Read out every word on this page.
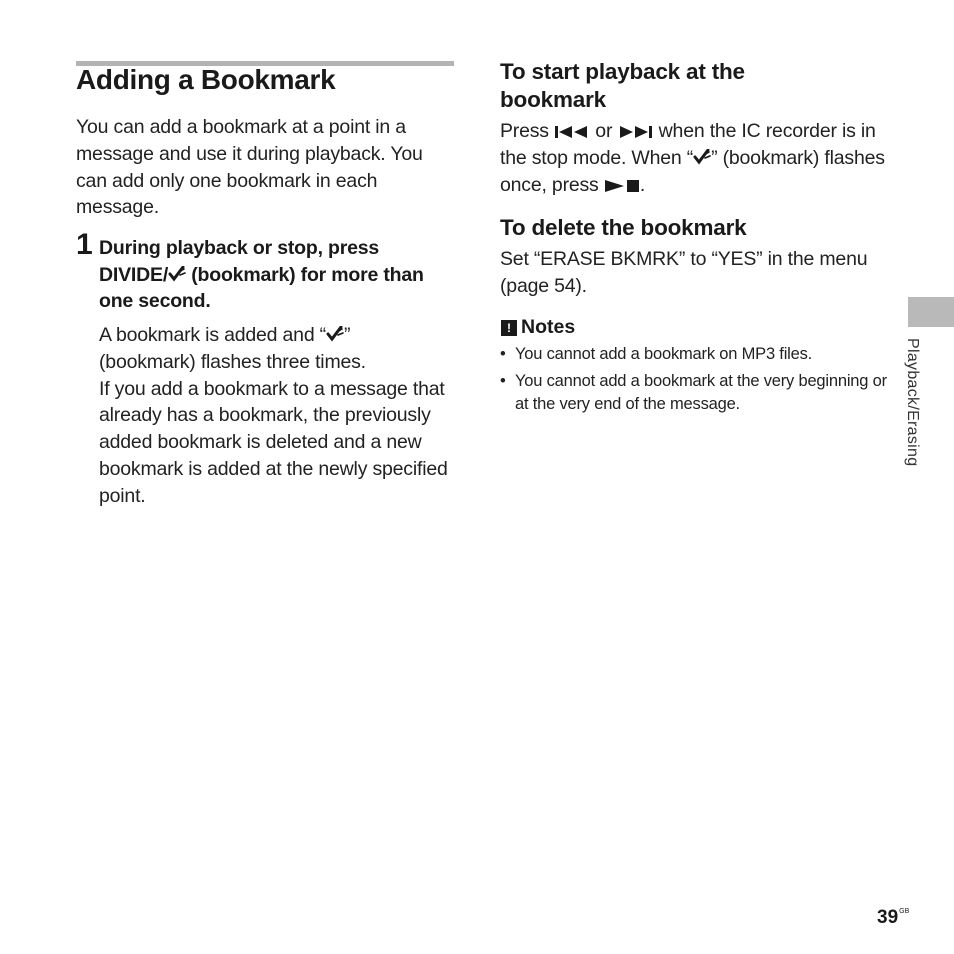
Adding a Bookmark
You can add a bookmark at a point in a message and use it during playback. You can add only one bookmark in each message.
1 During playback or stop, press DIVIDE/ (bookmark) for more than one second.
A bookmark is added and “ ” (bookmark) flashes three times.
If you add a bookmark to a message that already has a bookmark, the previously added bookmark is deleted and a new bookmark is added at the newly specified point.
To start playback at the bookmark
Press  or  when the IC recorder is in the stop mode. When “ ” (bookmark) flashes once, press .
To delete the bookmark
Set “ERASE BKMRK” to “YES” in the menu (page 54).
! Notes
• You cannot add a bookmark on MP3 files.
• You cannot add a bookmark at the very beginning or at the very end of the message.	Playback/Erasing
$39^{GB}$
